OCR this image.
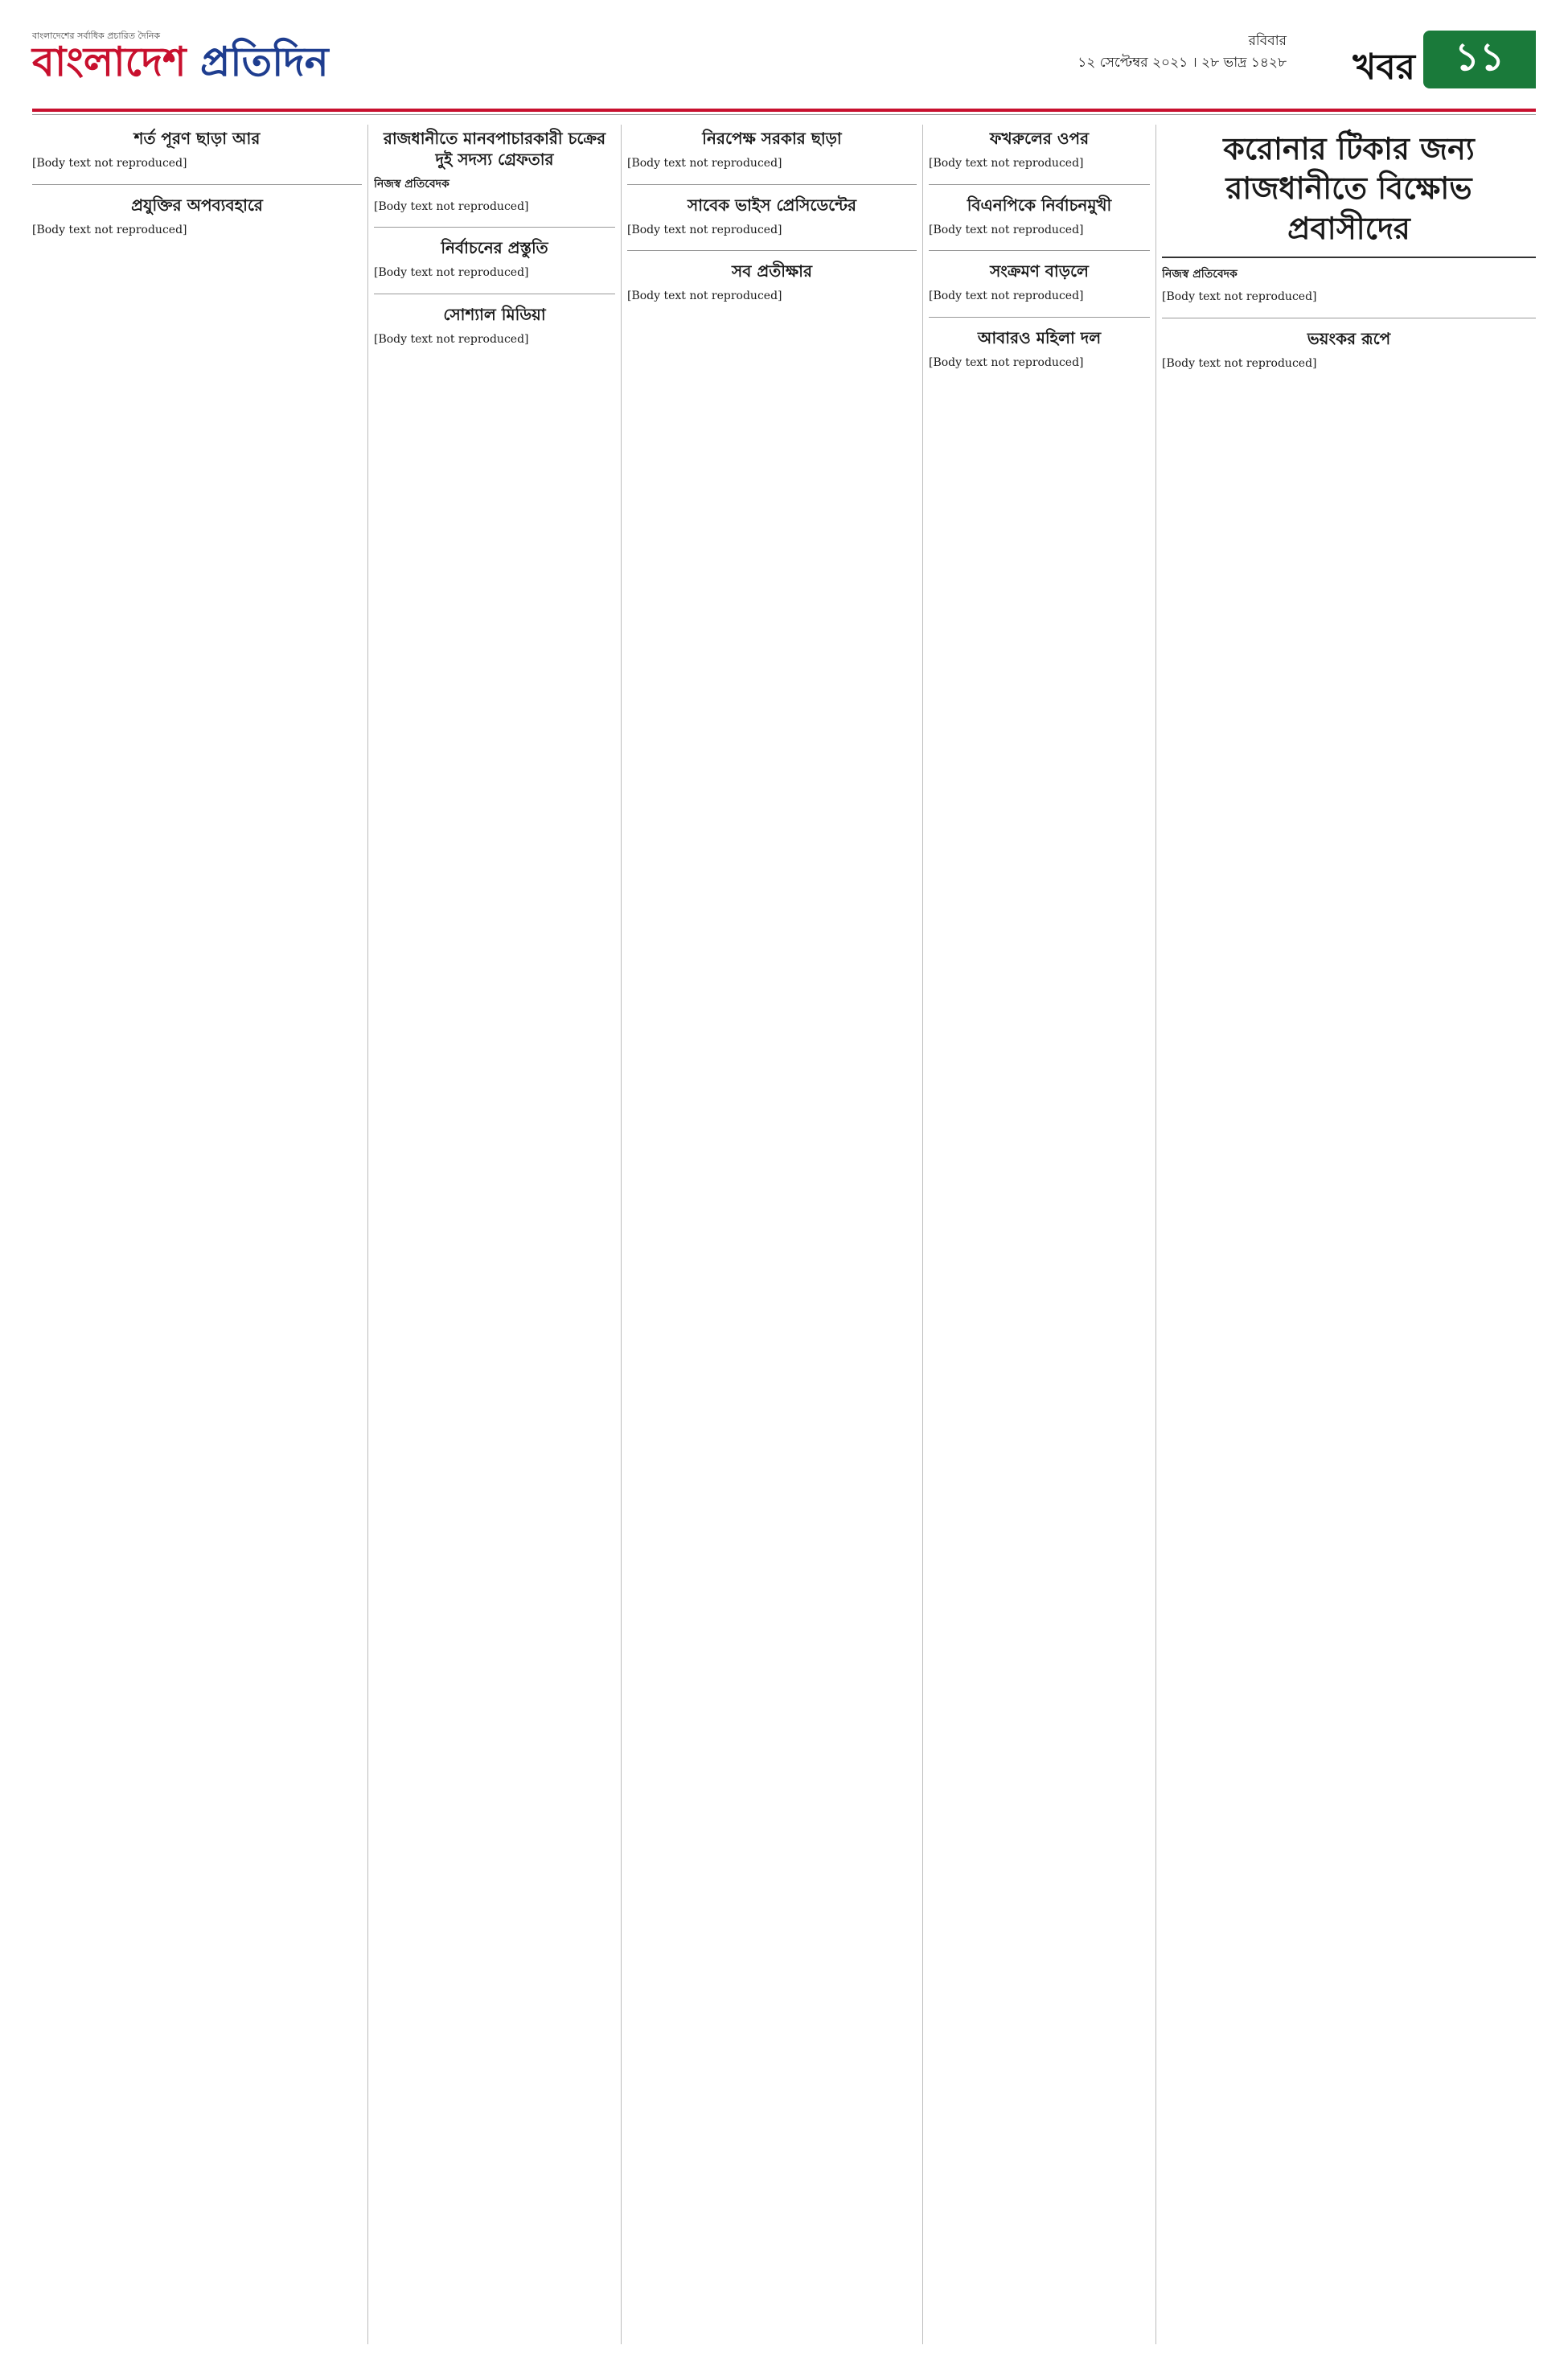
বাংলাদেশের সর্বাধিক প্রচারিত দৈনিক
বাংলাদেশ প্রতিদিন	রবিবার
১২ সেপ্টেম্বর ২০২১ । ২৮ ভাদ্র ১৪২৮ খবর	১১
শর্ত পূরণ ছাড়া আর
[Body text not reproduced]
প্রযুক্তির অপব্যবহারে
[Body text not reproduced]
রাজধানীতে মানবপাচারকারী চক্রের দুই সদস্য গ্রেফতার
নিজস্ব প্রতিবেদক
[Body text not reproduced]
নির্বাচনের প্রস্তুতি
[Body text not reproduced]
সোশ্যাল মিডিয়া
[Body text not reproduced]
নিরপেক্ষ সরকার ছাড়া
[Body text not reproduced]
সাবেক ভাইস প্রেসিডেন্টের
[Body text not reproduced]
সব প্রতীক্ষার
[Body text not reproduced]
ফখরুলের ওপর
[Body text not reproduced]
বিএনপিকে নির্বাচনমুখী
[Body text not reproduced]
সংক্রমণ বাড়লে
[Body text not reproduced]
আবারও মহিলা দল
[Body text not reproduced]
করোনার টিকার জন্য রাজধানীতে বিক্ষোভ প্রবাসীদের
নিজস্ব প্রতিবেদক
[Body text not reproduced]
ভয়ংকর রূপে
[Body text not reproduced]
